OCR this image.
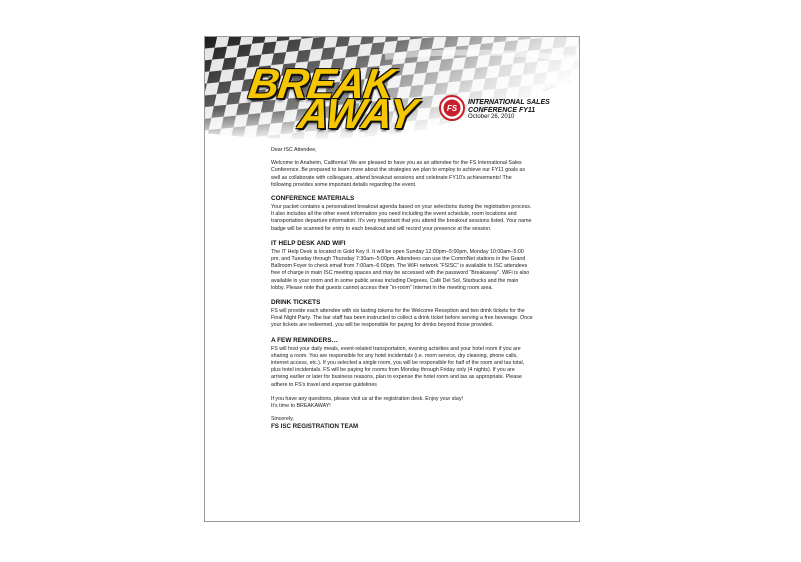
BREAK
AWAY	FS
INTERNATIONAL SALES CONFERENCE FY11
October 26, 2010

Dear ISC Attendee,

Welcome to Anaheim, California! We are pleased to have you as an attendee for the FS International Sales Conference. Be prepared to learn more about the strategies we plan to employ to achieve our FY11 goals as well as collaborate with colleagues, attend breakout sessions and celebrate FY10’s achievements! The following provides some important details regarding the event.

CONFERENCE MATERIALS
Your packet contains a personalized breakout agenda based on your selections during the registration process. It also includes all the other event information you need including the event schedule, room locations and transportation departure information. It’s very important that you attend the breakout sessions listed. Your name badge will be scanned for entry to each breakout and will record your presence at the session.
IT HELP DESK AND WIFI
The IT Help Desk is located in Gold Key II. It will be open Sunday 12:00pm–5:00pm, Monday 10:00am–5:00 pm, and Tuesday through Thursday 7:30am–5:00pm. Attendees can use the CommNet stations in the Grand Ballroom Foyer to check email from 7:00am–6:00pm. The WiFi network “FSISC” is available to ISC attendees free of charge in main ISC meeting spaces and may be accessed with the password “Breakaway”. WiFi is also available in your room and in some public areas including Degrees, Café Del Sol, Starbucks and the main lobby. Please note that guests cannot access their “in-room” Internet in the meeting room area.
DRINK TICKETS
FS will provide each attendee with six tasting tokens for the Welcome Reception and two drink tickets for the Final Night Party. The bar staff has been instructed to collect a drink ticket before serving a free beverage. Once your tickets are redeemed, you will be responsible for paying for drinks beyond those provided.
A FEW REMINDERS…
FS will host your daily meals, event-related transportation, evening activities and your hotel room if you are sharing a room. You are responsible for any hotel incidentals (i.e. room service, dry cleaning, phone calls, internet access, etc.). If you selected a single room, you will be responsible for half of the room and tax total, plus hotel incidentals. FS will be paying for rooms from Monday through Friday only (4 nights). If you are arriving earlier or later for business reasons, plan to expense the hotel room and tax as appropriate. Please adhere to FS’s travel and expense guidelines

If you have any questions, please visit us at the registration desk. Enjoy your stay!
It’s time to BREAKAWAY!

Sincerely,
FS ISC REGISTRATION TEAM
